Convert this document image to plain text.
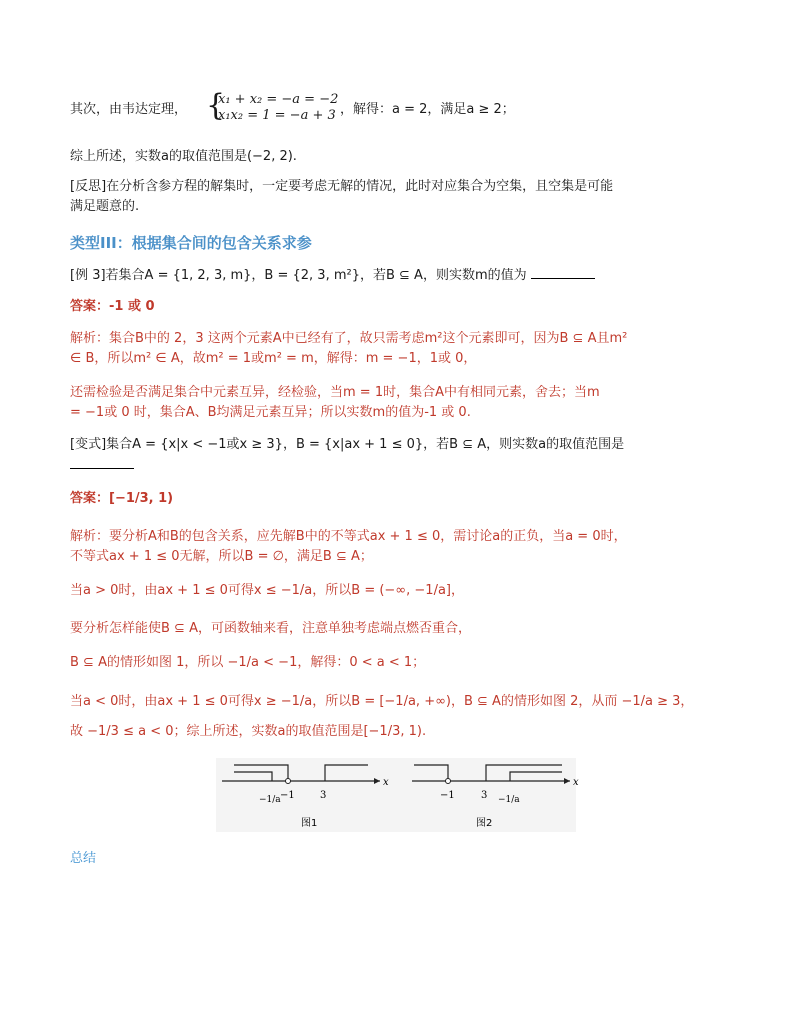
其次，由韦达定理， {
x₁ + x₂ = −a = −2
x₁x₂ = 1 = −a + 3 ，解得：a = 2，满足a ≥ 2；
综上所述，实数a的取值范围是(−2, 2).
[反思]在分析含参方程的解集时，一定要考虑无解的情况，此时对应集合为空集，且空集是可能
满足题意的.
类型III：根据集合间的包含关系求参
[例 3]若集合A = {1, 2, 3, m}，B = {2, 3, m²}，若B ⊆ A，则实数m的值为
答案：-1 或 0
解析：集合B中的 2，3 这两个元素A中已经有了，故只需考虑m²这个元素即可，因为B ⊆ A且m²
∈ B，所以m² ∈ A，故m² = 1或m² = m，解得：m = −1，1或 0，
还需检验是否满足集合中元素互异，经检验，当m = 1时，集合A中有相同元素，舍去；当m
= −1或 0 时，集合A、B均满足元素互异；所以实数m的值为-1 或 0.
[变式]集合A = {x|x < −1或x ≥ 3}，B = {x|ax + 1 ≤ 0}，若B ⊆ A，则实数a的取值范围是
答案：[−1/3, 1)
解析：要分析A和B的包含关系，应先解B中的不等式ax + 1 ≤ 0，需讨论a的正负，当a = 0时，
不等式ax + 1 ≤ 0无解，所以B = ∅，满足B ⊆ A；
当a > 0时，由ax + 1 ≤ 0可得x ≤ −1/a，所以B = (−∞, −1/a]，
要分析怎样能使B ⊆ A，可函数轴来看，注意单独考虑端点燃否重合，
B ⊆ A的情形如图 1，所以 −1/a < −1，解得：0 < a < 1；
当a < 0时，由ax + 1 ≤ 0可得x ≥ −1/a，所以B = [−1/a, +∞)，B ⊆ A的情形如图 2，从而 −1/a ≥ 3，
故 −1/3 ≤ a < 0；综上所述，实数a的取值范围是[−1/3, 1).
x
−1	3
−1/a
图1
x
−1	3 −1/a
图2
总结
